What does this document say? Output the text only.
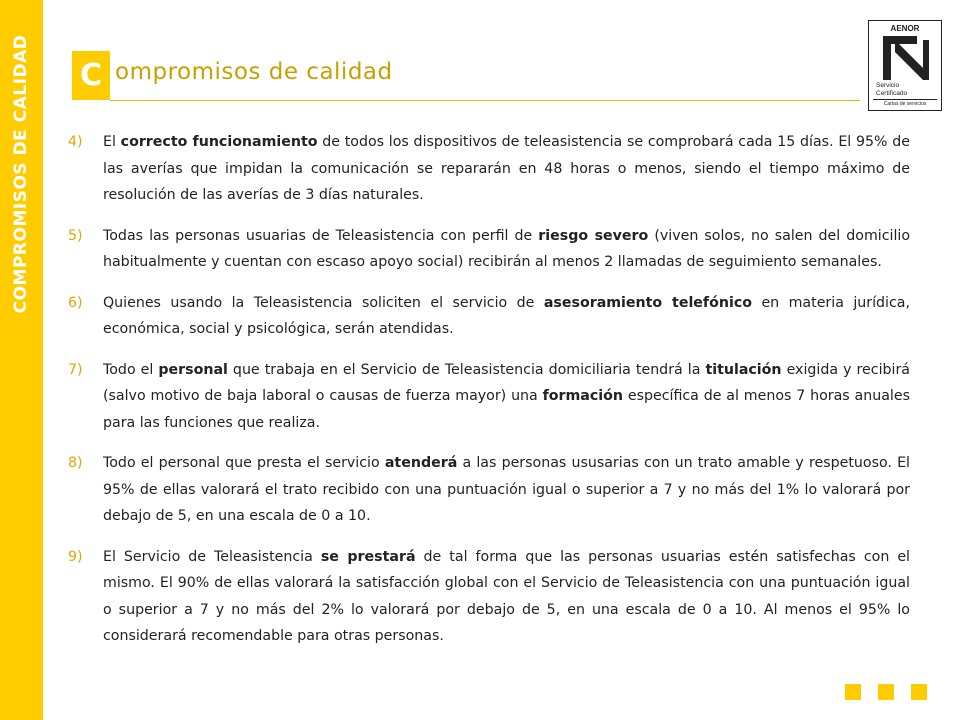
COMPROMISOS DE CALIDAD C ompromisos de calidad
AENOR
Servicio
Certificado
Cartas de servicios
4)	El correcto funcionamiento de todos los dispositivos de teleasistencia se comprobará cada 15 días. El 95% de las averías que impidan la comunicación se repararán en 48 horas o menos, siendo el tiempo máximo de resolución de las averías de 3 días naturales.
5)	Todas las personas usuarias de Teleasistencia con perfil de riesgo severo (viven solos, no salen del domicilio habitualmente y cuentan con escaso apoyo social) recibirán al menos 2 llamadas de seguimiento semanales.
6)	Quienes usando la Teleasistencia soliciten el servicio de asesoramiento telefónico en materia jurídica, económica, social y psicológica, serán atendidas.
7)	Todo el personal que trabaja en el Servicio de Teleasistencia domiciliaria tendrá la titulación exigida y recibirá (salvo motivo de baja laboral o causas de fuerza mayor) una formación específica de al menos 7 horas anuales para las funciones que realiza.
8)	Todo el personal que presta el servicio atenderá a las personas ususarias con un trato amable y respetuoso. El 95% de ellas valorará el trato recibido con una puntuación igual o superior a 7 y no más del 1% lo valorará por debajo de 5, en una escala de 0 a 10.
9)	El Servicio de Teleasistencia se prestará de tal forma que las personas usuarias estén satisfechas con el mismo. El 90% de ellas valorará la satisfacción global con el Servicio de Teleasistencia con una puntuación igual o superior a 7 y no más del 2% lo valorará por debajo de 5, en una escala de 0 a 10. Al menos el 95% lo considerará recomendable para otras personas.
